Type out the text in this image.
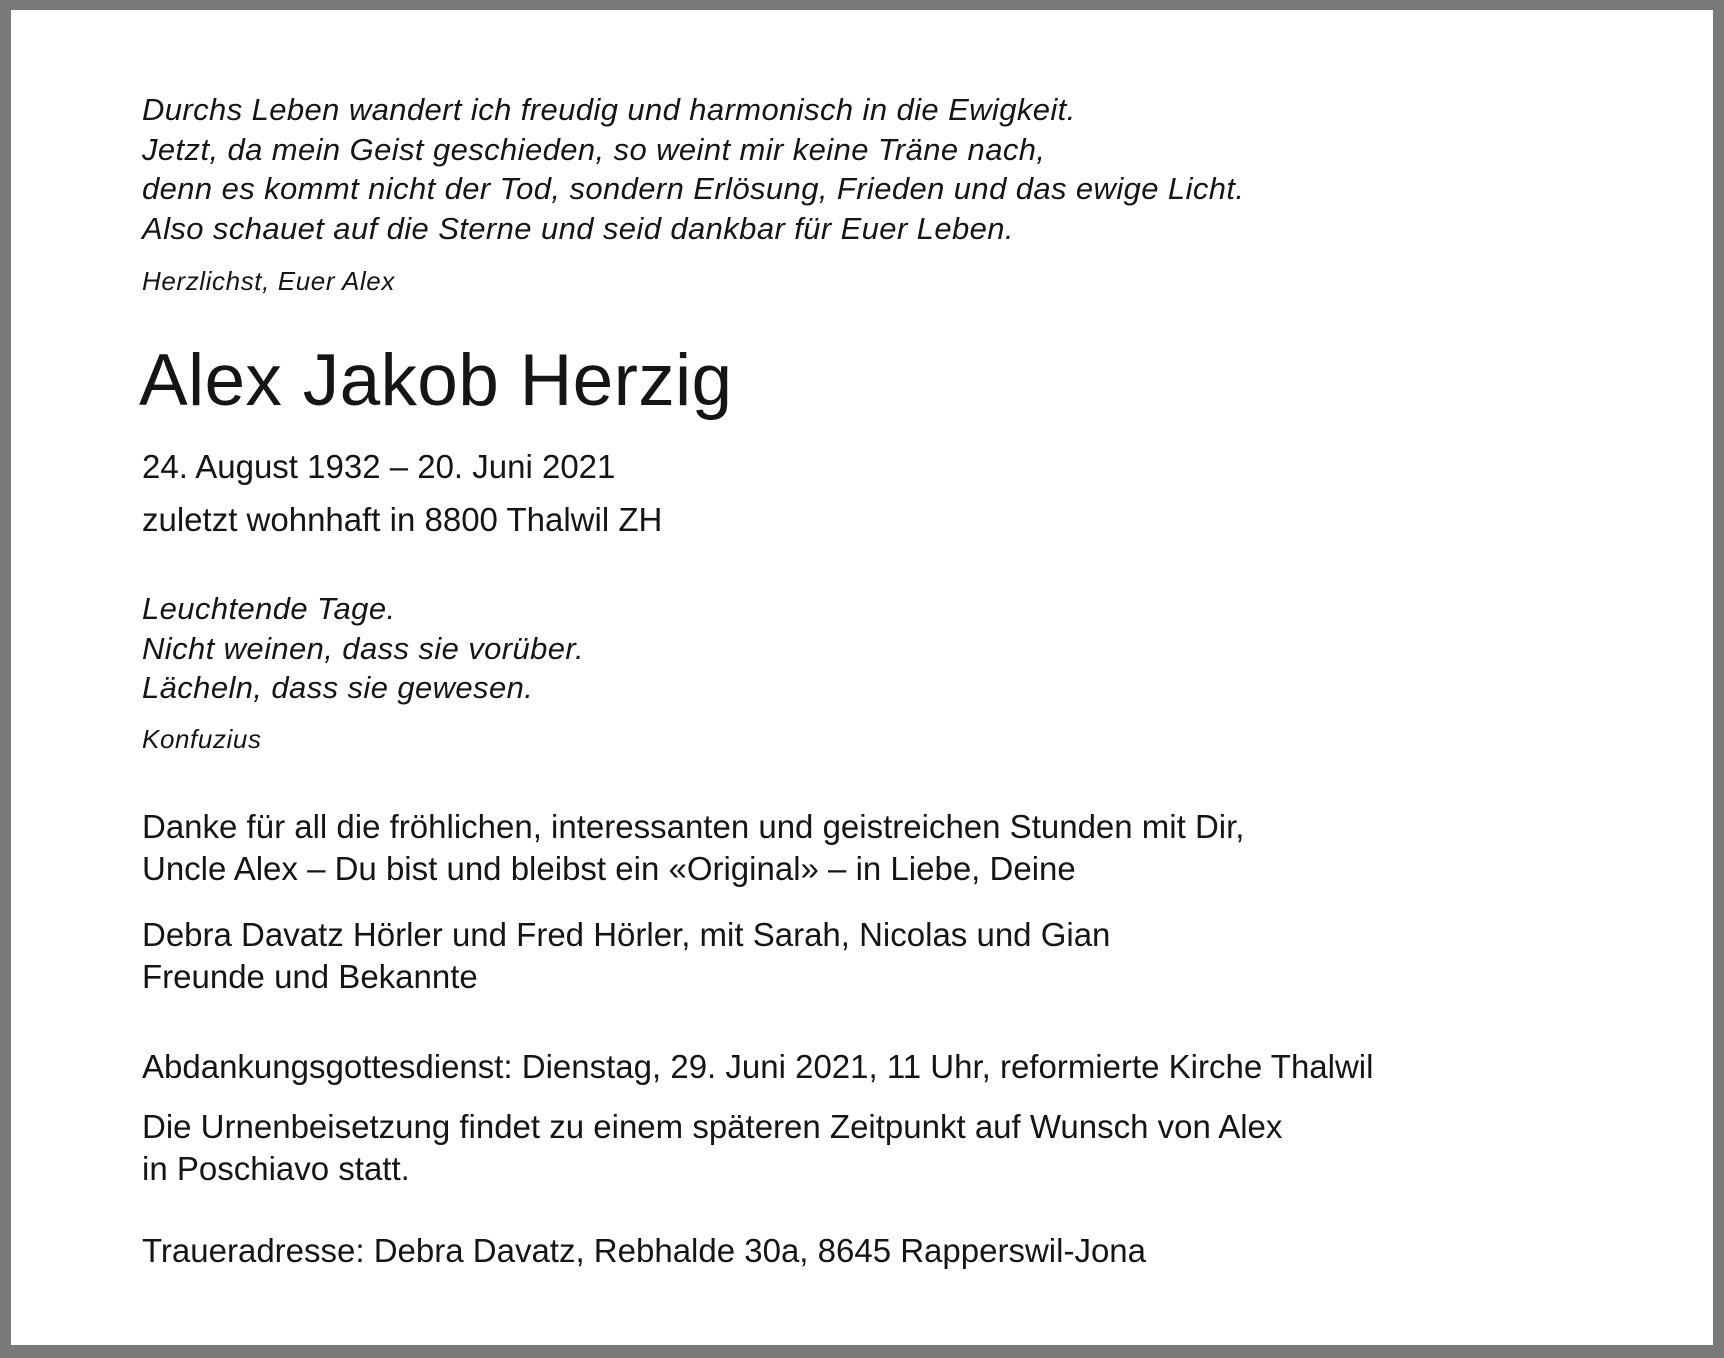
Durchs Leben wandert ich freudig und harmonisch in die Ewigkeit.
Jetzt, da mein Geist geschieden, so weint mir keine Träne nach,
denn es kommt nicht der Tod, sondern Erlösung, Frieden und das ewige Licht.
Also schauet auf die Sterne und seid dankbar für Euer Leben.
Herzlichst, Euer Alex
Alex Jakob Herzig
24. August 1932 – 20. Juni 2021
zuletzt wohnhaft in 8800 Thalwil ZH
Leuchtende Tage.
Nicht weinen, dass sie vorüber.
Lächeln, dass sie gewesen.
Konfuzius
Danke für all die fröhlichen, interessanten und geistreichen Stunden mit Dir,
Uncle Alex – Du bist und bleibst ein «Original» – in Liebe, Deine
Debra Davatz Hörler und Fred Hörler, mit Sarah, Nicolas und Gian
Freunde und Bekannte
Abdankungsgottesdienst: Dienstag, 29. Juni 2021, 11 Uhr, reformierte Kirche Thalwil
Die Urnenbeisetzung findet zu einem späteren Zeitpunkt auf Wunsch von Alex
in Poschiavo statt.
Traueradresse: Debra Davatz, Rebhalde 30a, 8645 Rapperswil-Jona
